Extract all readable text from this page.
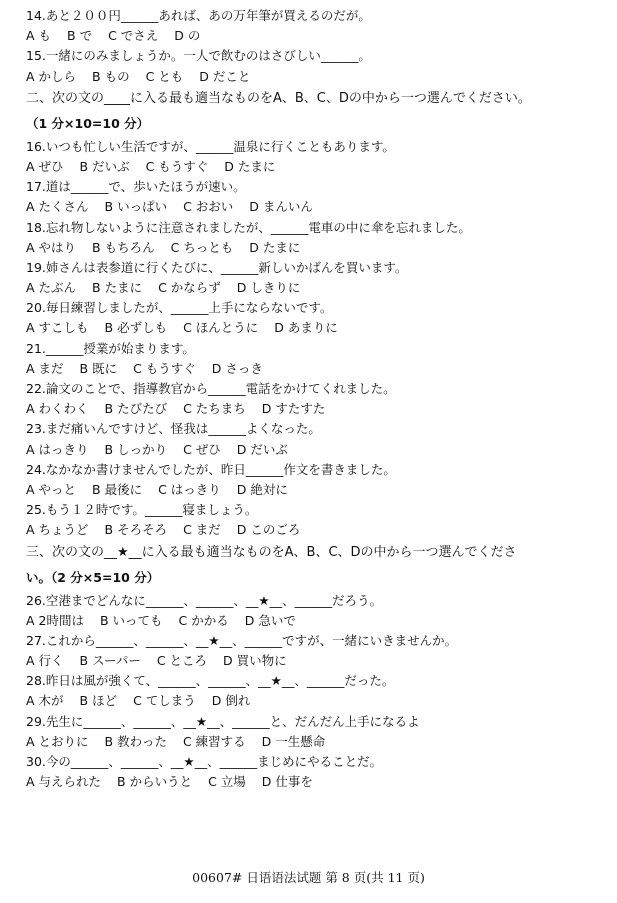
14.あと２００円______あれば、あの万年筆が買えるのだが。
A も	B で	C でさえ	D の
15.一緒にのみましょうか。一人で飲むのはさびしい______。
A かしら	B もの	C とも	D だこと
二、次の文の____に入る最も適当なものをA、B、C、Dの中から一つ選んでください。
（1 分×10=10 分）
16.いつも忙しい生活ですが、______温泉に行くこともあります。
A ぜひ	B だいぶ	C もうすぐ	D たまに
17.道は______で、歩いたほうが速い。
A たくさん	B いっぱい	C おおい	D まんいん
18.忘れ物しないように注意されましたが、______電車の中に傘を忘れました。
A やはり	B もちろん	C ちっとも	D たまに
19.姉さんは表参道に行くたびに、______新しいかばんを買います。
A たぶん	B たまに	C かならず	D しきりに
20.毎日練習しましたが、______上手にならないです。
A すこしも	B 必ずしも	C ほんとうに	D あまりに
21.______授業が始まります。
A まだ	B 既に	C もうすぐ	D さっき
22.論文のことで、指導教官から______電話をかけてくれました。
A わくわく	B たびたび	C たちまち	D すたすた
23.まだ痛いんですけど、怪我は______よくなった。
A はっきり	B しっかり	C ぜひ	D だいぶ
24.なかなか書けませんでしたが、昨日______作文を書きました。
A やっと	B 最後に	C はっきり	D 絶対に
25.もう１２時です。______寝ましょう。
A ちょうど	B そろそろ	C まだ	D このごろ
三、次の文の__★__に入る最も適当なものをA、B、C、Dの中から一つ選んでくださ
い。（2 分×5=10 分）
26.空港までどんなに______、______、__★__、______だろう。
A 2時間は	B いっても	C かかる	D 急いで
27.これから______、______、__★__、______ですが、一緒にいきませんか。
A 行く	B スーパー	C ところ	D 買い物に
28.昨日は風が強くて、______、______、__★__、______だった。
A 木が	B ほど	C てしまう	D 倒れ
29.先生に______、______、__★__、______と、だんだん上手になるよ
A とおりに	B 教わった	C 練習する	D 一生懸命
30.今の______、______、__★__、______まじめにやることだ。
A 与えられた	B からいうと	C 立場	D 仕事を
00607# 日语语法试题 第 8 页(共 11 页)
